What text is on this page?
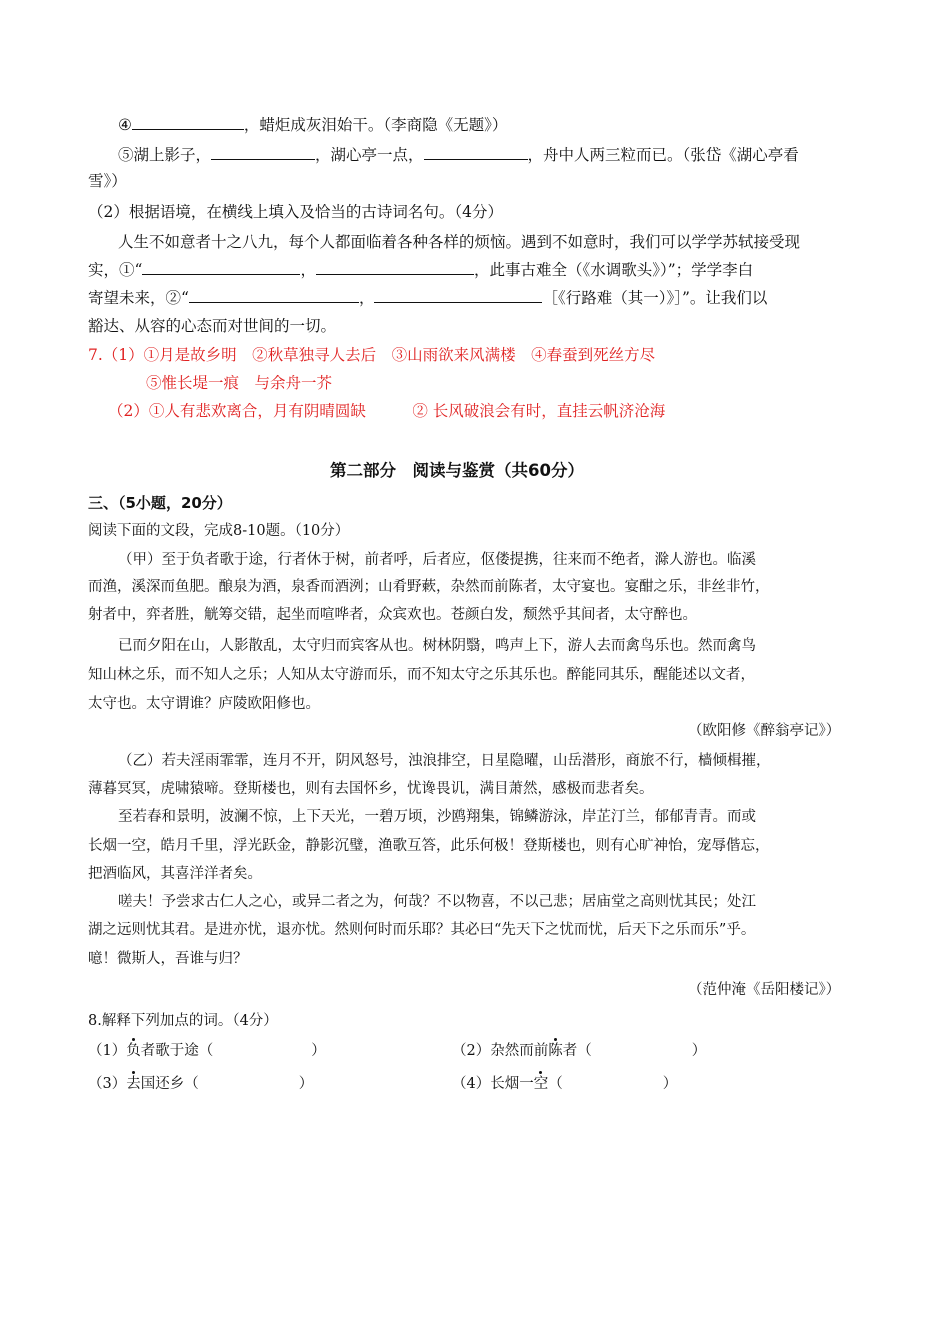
④	，蜡炬成灰泪始干。（李商隐《无题》）
⑤湖上影子，	，湖心亭一点，	，舟中人两三粒而已。（张岱《湖心亭看
雪》）
（2）根据语境，在横线上填入及恰当的古诗词名句。（4分）
人生不如意者十之八九，每个人都面临着各种各样的烦恼。遇到不如意时，我们可以学学苏轼接受现
实，①“	，	，此事古难全（《水调歌头》）”；学学李白
寄望未来，②“	，	［《行路难（其一）》］”。让我们以
豁达、从容的心态而对世间的一切。
7.（1）①月是故乡明　②秋草独寻人去后　③山雨欲来风满楼　④春蚕到死丝方尽
⑤惟长堤一痕　与余舟一芥
（2）①人有悲欢离合，月有阴晴圆缺　　　② 长风破浪会有时，直挂云帆济沧海
第二部分　阅读与鉴赏（共60分）
三、（5小题，20分）
阅读下面的文段，完成8-10题。（10分）
（甲）至于负者歌于途，行者休于树，前者呼，后者应，伛偻提携，往来而不绝者，滁人游也。临溪
而渔，溪深而鱼肥。酿泉为酒，泉香而酒洌；山肴野蔌，杂然而前陈者，太守宴也。宴酣之乐，非丝非竹，
射者中，弈者胜，觥筹交错，起坐而喧哗者，众宾欢也。苍颜白发，颓然乎其间者，太守醉也。
已而夕阳在山，人影散乱，太守归而宾客从也。树林阴翳，鸣声上下，游人去而禽鸟乐也。然而禽鸟
知山林之乐，而不知人之乐；人知从太守游而乐，而不知太守之乐其乐也。醉能同其乐，醒能述以文者，
太守也。太守谓谁？庐陵欧阳修也。
（欧阳修《醉翁亭记》）
（乙）若夫淫雨霏霏，连月不开，阴风怒号，浊浪排空，日星隐曜，山岳潜形，商旅不行，樯倾楫摧，
薄暮冥冥，虎啸猿啼。登斯楼也，则有去国怀乡，忧谗畏讥，满目萧然，感极而悲者矣。
至若春和景明，波澜不惊，上下天光，一碧万顷，沙鸥翔集，锦鳞游泳，岸芷汀兰，郁郁青青。而或
长烟一空，皓月千里，浮光跃金，静影沉璧，渔歌互答，此乐何极！登斯楼也，则有心旷神怡，宠辱偕忘，
把酒临风，其喜洋洋者矣。
嗟夫！予尝求古仁人之心，或异二者之为，何哉？不以物喜，不以己悲；居庙堂之高则忧其民；处江
湖之远则忧其君。是进亦忧，退亦忧。然则何时而乐耶？其必曰“先天下之忧而忧，后天下之乐而乐”乎。
噫！微斯人，吾谁与归？
（范仲淹《岳阳楼记》）
8.解释下列加点的词。（4分）
（1）负者歌于途（	）	（2）杂然而前陈者（	）
（3）去国还乡（	）	（4）长烟一空（	）
